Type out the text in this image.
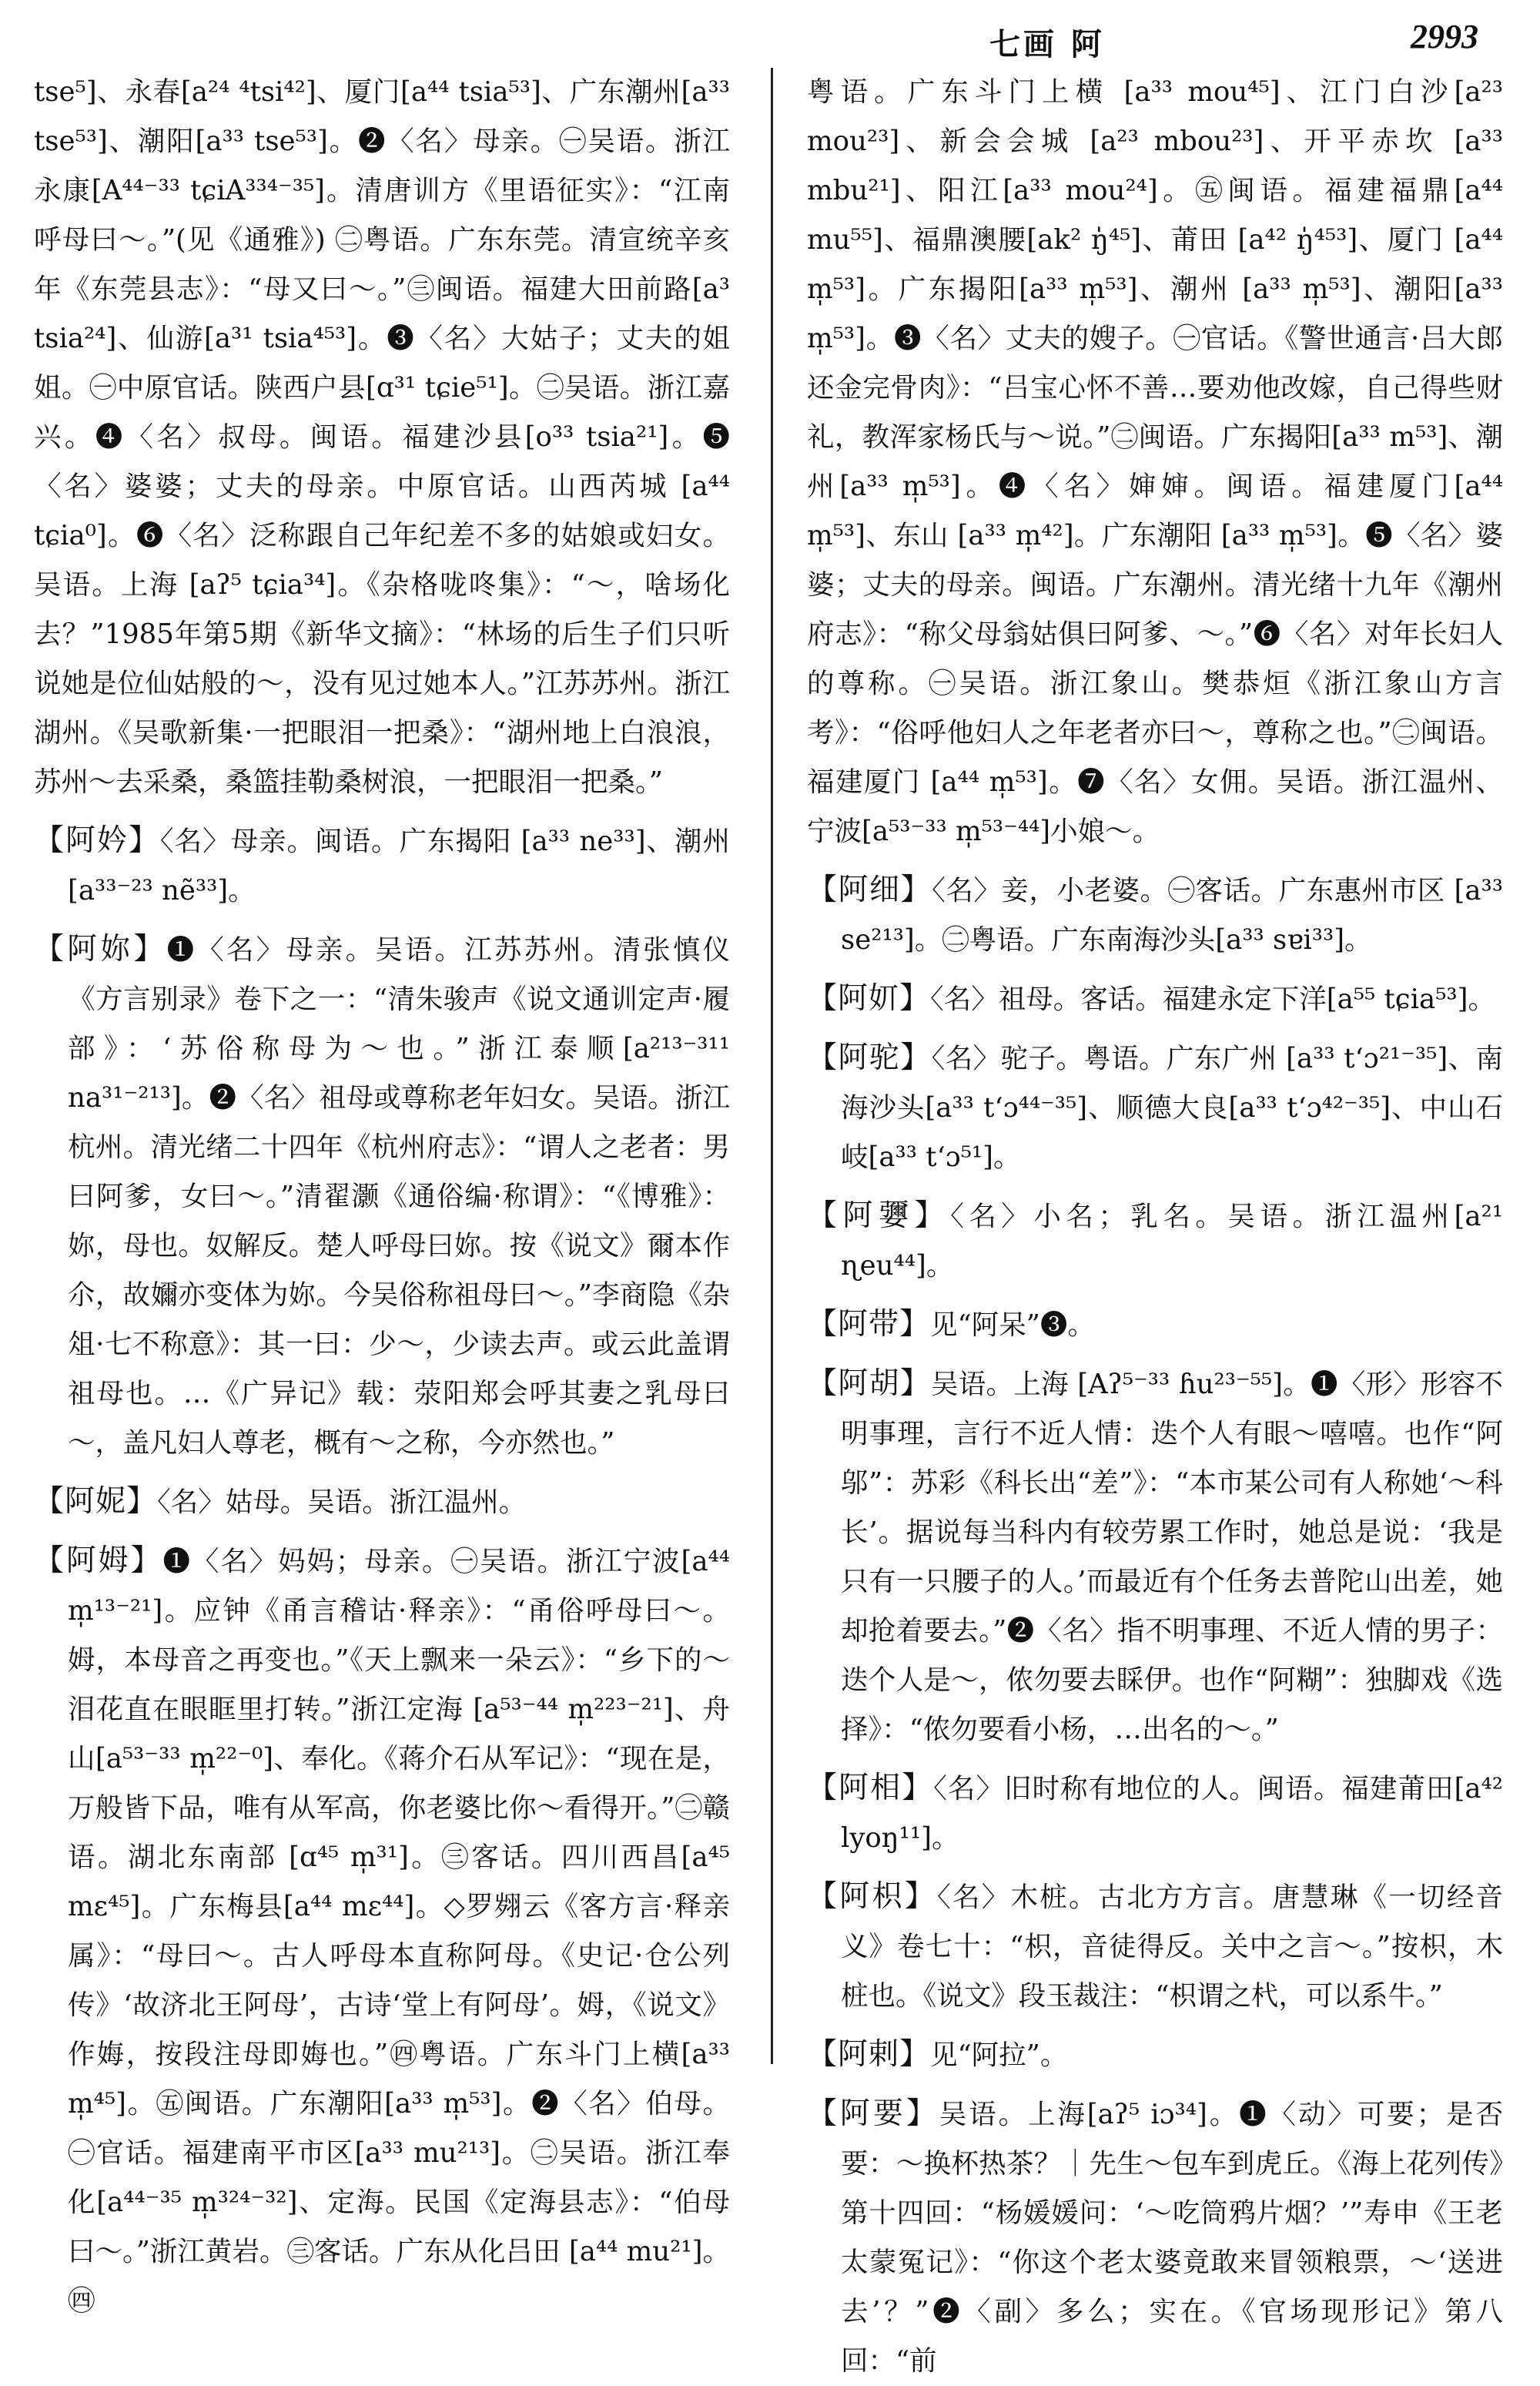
七画 阿	2993

tse⁵]、永春[a²⁴ ⁴tsi⁴²]、厦门[a⁴⁴ tsia⁵³]、广东潮州[a³³ tse⁵³]、潮阳[a³³ tse⁵³]。❷〈名〉母亲。㊀吴语。浙江永康[A⁴⁴⁻³³ tɕiA³³⁴⁻³⁵]。清唐训方《里语征实》：“江南呼母曰～。”(见《通雅》) ㊁粤语。广东东莞。清宣统辛亥年《东莞县志》：“母又曰～。”㊂闽语。福建大田前路[a³ tsia²⁴]、仙游[a³¹ tsia⁴⁵³]。❸〈名〉大姑子；丈夫的姐姐。㊀中原官话。陕西户县[ɑ³¹ tɕie⁵¹]。㊁吴语。浙江嘉兴。❹〈名〉叔母。闽语。福建沙县[o³³ tsia²¹]。❺〈名〉婆婆；丈夫的母亲。中原官话。山西芮城 [a⁴⁴ tɕia⁰]。❻〈名〉泛称跟自己年纪差不多的姑娘或妇女。吴语。上海 [aʔ⁵ tɕia³⁴]。《杂格咙咚集》：“～，啥场化去？”1985年第5期《新华文摘》：“林场的后生子们只听说她是位仙姑般的～，没有见过她本人。”江苏苏州。浙江湖州。《吴歌新集·一把眼泪一把桑》：“湖州地上白浪浪，苏州～去采桑，桑篮挂勒桑树浪，一把眼泪一把桑。”

【阿妗】〈名〉母亲。闽语。广东揭阳 [a³³ ne³³]、潮州[a³³⁻²³ nẽ³³]。

【阿妳】❶〈名〉母亲。吴语。江苏苏州。清张慎仪《方言别录》卷下之一：“清朱骏声《说文通训定声·履部》：‘苏俗称母为～也。”浙江泰顺[a²¹³⁻³¹¹ na³¹⁻²¹³]。❷〈名〉祖母或尊称老年妇女。吴语。浙江杭州。清光绪二十四年《杭州府志》：“谓人之老者：男曰阿爹，女曰～。”清翟灏《通俗编·称谓》：“《博雅》：妳，母也。奴解反。楚人呼母曰妳。按《说文》爾本作尒，故嬭亦变体为妳。今吴俗称祖母曰～。”李商隐《杂俎·七不称意》：其一曰：少～，少读去声。或云此盖谓祖母也。…《广异记》载：荥阳郑会呼其妻之乳母曰～，盖凡妇人尊老，概有～之称，今亦然也。”

【阿妮】〈名〉姑母。吴语。浙江温州。

【阿姆】❶〈名〉妈妈；母亲。㊀吴语。浙江宁波[a⁴⁴ m̩¹³⁻²¹]。应钟《甬言稽诂·释亲》：“甬俗呼母曰～。姆，本母音之再变也。”《天上飘来一朵云》：“乡下的～泪花直在眼眶里打转。”浙江定海 [a⁵³⁻⁴⁴ m̩²²³⁻²¹]、舟山[a⁵³⁻³³ m̩²²⁻⁰]、奉化。《蒋介石从军记》：“现在是，万般皆下品，唯有从军高，你老婆比你～看得开。”㊁赣语。湖北东南部 [ɑ⁴⁵ m̩³¹]。㊂客话。四川西昌[a⁴⁵ mɛ⁴⁵]。广东梅县[a⁴⁴ mɛ⁴⁴]。◇罗翙云《客方言·释亲属》：“母曰～。古人呼母本直称阿母。《史记·仓公列传》‘故济北王阿母’，古诗‘堂上有阿母’。姆，《说文》作娒，按段注母即娒也。”㊃粤语。广东斗门上横[a³³ m̩⁴⁵]。㊄闽语。广东潮阳[a³³ m̩⁵³]。❷〈名〉伯母。㊀官话。福建南平市区[a³³ mu²¹³]。㊁吴语。浙江奉化[a⁴⁴⁻³⁵ m̩³²⁴⁻³²]、定海。民国《定海县志》：“伯母曰～。”浙江黄岩。㊂客话。广东从化吕田 [a⁴⁴ mu²¹]。㊃

粤语。广东斗门上横 [a³³ mou⁴⁵]、江门白沙[a²³ mou²³]、新会会城 [a²³ mbou²³]、开平赤坎 [a³³ mbu²¹]、阳江[a³³ mou²⁴]。㊄闽语。福建福鼎[a⁴⁴ mu⁵⁵]、福鼎澳腰[ak² ŋ̍⁴⁵]、莆田 [a⁴² ŋ̍⁴⁵³]、厦门 [a⁴⁴ m̩⁵³]。广东揭阳[a³³ m̩⁵³]、潮州 [a³³ m̩⁵³]、潮阳[a³³ m̩⁵³]。❸〈名〉丈夫的嫂子。㊀官话。《警世通言·吕大郎还金完骨肉》：“吕宝心怀不善…要劝他改嫁，自己得些财礼，教浑家杨氏与～说。”㊁闽语。广东揭阳[a³³ m⁵³]、潮州[a³³ m̩⁵³]。❹〈名〉婶婶。闽语。福建厦门[a⁴⁴ m̩⁵³]、东山 [a³³ m̩⁴²]。广东潮阳 [a³³ m̩⁵³]。❺〈名〉婆婆；丈夫的母亲。闽语。广东潮州。清光绪十九年《潮州府志》：“称父母翁姑俱曰阿爹、～。”❻〈名〉对年长妇人的尊称。㊀吴语。浙江象山。樊恭烜《浙江象山方言考》：“俗呼他妇人之年老者亦曰～，尊称之也。”㊁闽语。福建厦门 [a⁴⁴ m̩⁵³]。❼〈名〉女佣。吴语。浙江温州、宁波[a⁵³⁻³³ m̩⁵³⁻⁴⁴]小娘～。

【阿细】〈名〉妾，小老婆。㊀客话。广东惠州市区 [a³³ se²¹³]。㊁粤语。广东南海沙头[a³³ sɐi³³]。

【阿㚦】〈名〉祖母。客话。福建永定下洋[a⁵⁵ tɕia⁵³]。

【阿驼】〈名〉驼子。粤语。广东广州 [a³³ tʻɔ²¹⁻³⁵]、南海沙头[a³³ tʻɔ⁴⁴⁻³⁵]、顺德大良[a³³ tʻɔ⁴²⁻³⁵]、中山石岐[a³³ tʻɔ⁵¹]。

【阿㜷】〈名〉小名；乳名。吴语。浙江温州[a²¹ ɳeu⁴⁴]。

【阿带】见“阿呆”❸。

【阿胡】吴语。上海 [Aʔ⁵⁻³³ ɦu²³⁻⁵⁵]。❶〈形〉形容不明事理，言行不近人情：迭个人有眼～嘻嘻。也作“阿邬”：苏彩《科长出“差”》：“本市某公司有人称她‘～科长’。据说每当科内有较劳累工作时，她总是说：‘我是只有一只腰子的人。’而最近有个任务去普陀山出差，她却抢着要去。”❷〈名〉指不明事理、不近人情的男子：迭个人是～，侬勿要去睬伊。也作“阿糊”：独脚戏《选择》：“侬勿要看小杨，…出名的～。”

【阿相】〈名〉旧时称有地位的人。闽语。福建莆田[a⁴² lyoŋ¹¹]。

【阿枳】〈名〉木桩。古北方方言。唐慧琳《一切经音义》卷七十：“枳，音徒得反。关中之言～。”按枳，木桩也。《说文》段玉裁注：“枳谓之杙，可以系牛。”

【阿剌】见“阿拉”。

【阿要】吴语。上海[aʔ⁵ iɔ³⁴]。❶〈动〉可要；是否要：～换杯热茶？｜先生～包车到虎丘。《海上花列传》第十四回：“杨媛媛问：‘～吃筒鸦片烟？’”寿申《王老太蒙冤记》：“你这个老太婆竟敢来冒领粮票，～‘送进去’？”❷〈副〉多么；实在。《官场现形记》第八回：“前
